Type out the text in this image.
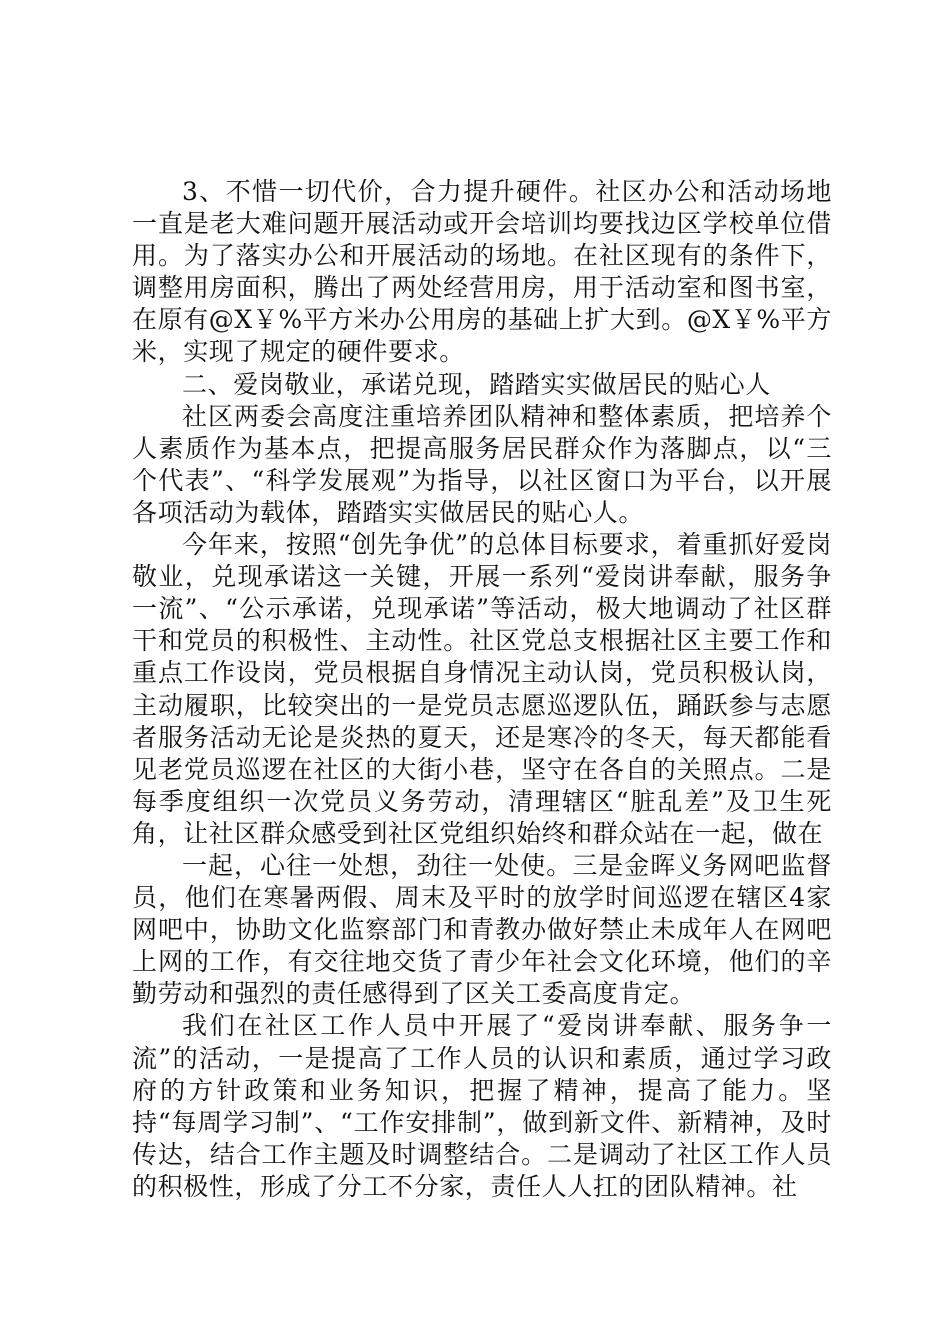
3、不惜一切代价，合力提升硬件。社区办公和活动场地一直是老大难问题开展活动或开会培训均要找边区学校单位借用。为了落实办公和开展活动的场地。在社区现有的条件下，调整用房面积，腾出了两处经营用房，用于活动室和图书室，在原有@X￥%平方米办公用房的基础上扩大到。@X￥%平方米，实现了规定的硬件要求。

二、爱岗敬业，承诺兑现，踏踏实实做居民的贴心人

社区两委会高度注重培养团队精神和整体素质，把培养个人素质作为基本点，把提高服务居民群众作为落脚点，以“三个代表”、“科学发展观”为指导，以社区窗口为平台，以开展各项活动为载体，踏踏实实做居民的贴心人。

今年来，按照“创先争优”的总体目标要求，着重抓好爱岗敬业，兑现承诺这一关键，开展一系列“爱岗讲奉献，服务争一流”、“公示承诺，兑现承诺”等活动，极大地调动了社区群干和党员的积极性、主动性。社区党总支根据社区主要工作和重点工作设岗，党员根据自身情况主动认岗，党员积极认岗，主动履职，比较突出的一是党员志愿巡逻队伍，踊跃参与志愿者服务活动无论是炎热的夏天，还是寒冷的冬天，每天都能看见老党员巡逻在社区的大街小巷，坚守在各自的关照点。二是每季度组织一次党员义务劳动，清理辖区“脏乱差”及卫生死角，让社区群众感受到社区党组织始终和群众站在一起，做在

一起，心往一处想，劲往一处使。三是金晖义务网吧监督员，他们在寒暑两假、周末及平时的放学时间巡逻在辖区4家网吧中，协助文化监察部门和青教办做好禁止未成年人在网吧上网的工作，有交往地交货了青少年社会文化环境，他们的辛勤劳动和强烈的责任感得到了区关工委高度肯定。

我们在社区工作人员中开展了“爱岗讲奉献、服务争一流”的活动，一是提高了工作人员的认识和素质，通过学习政府的方针政策和业务知识，把握了精神，提高了能力。坚持“每周学习制”、“工作安排制”，做到新文件、新精神，及时传达，结合工作主题及时调整结合。二是调动了社区工作人员的积极性，形成了分工不分家，责任人人扛的团队精神。社
